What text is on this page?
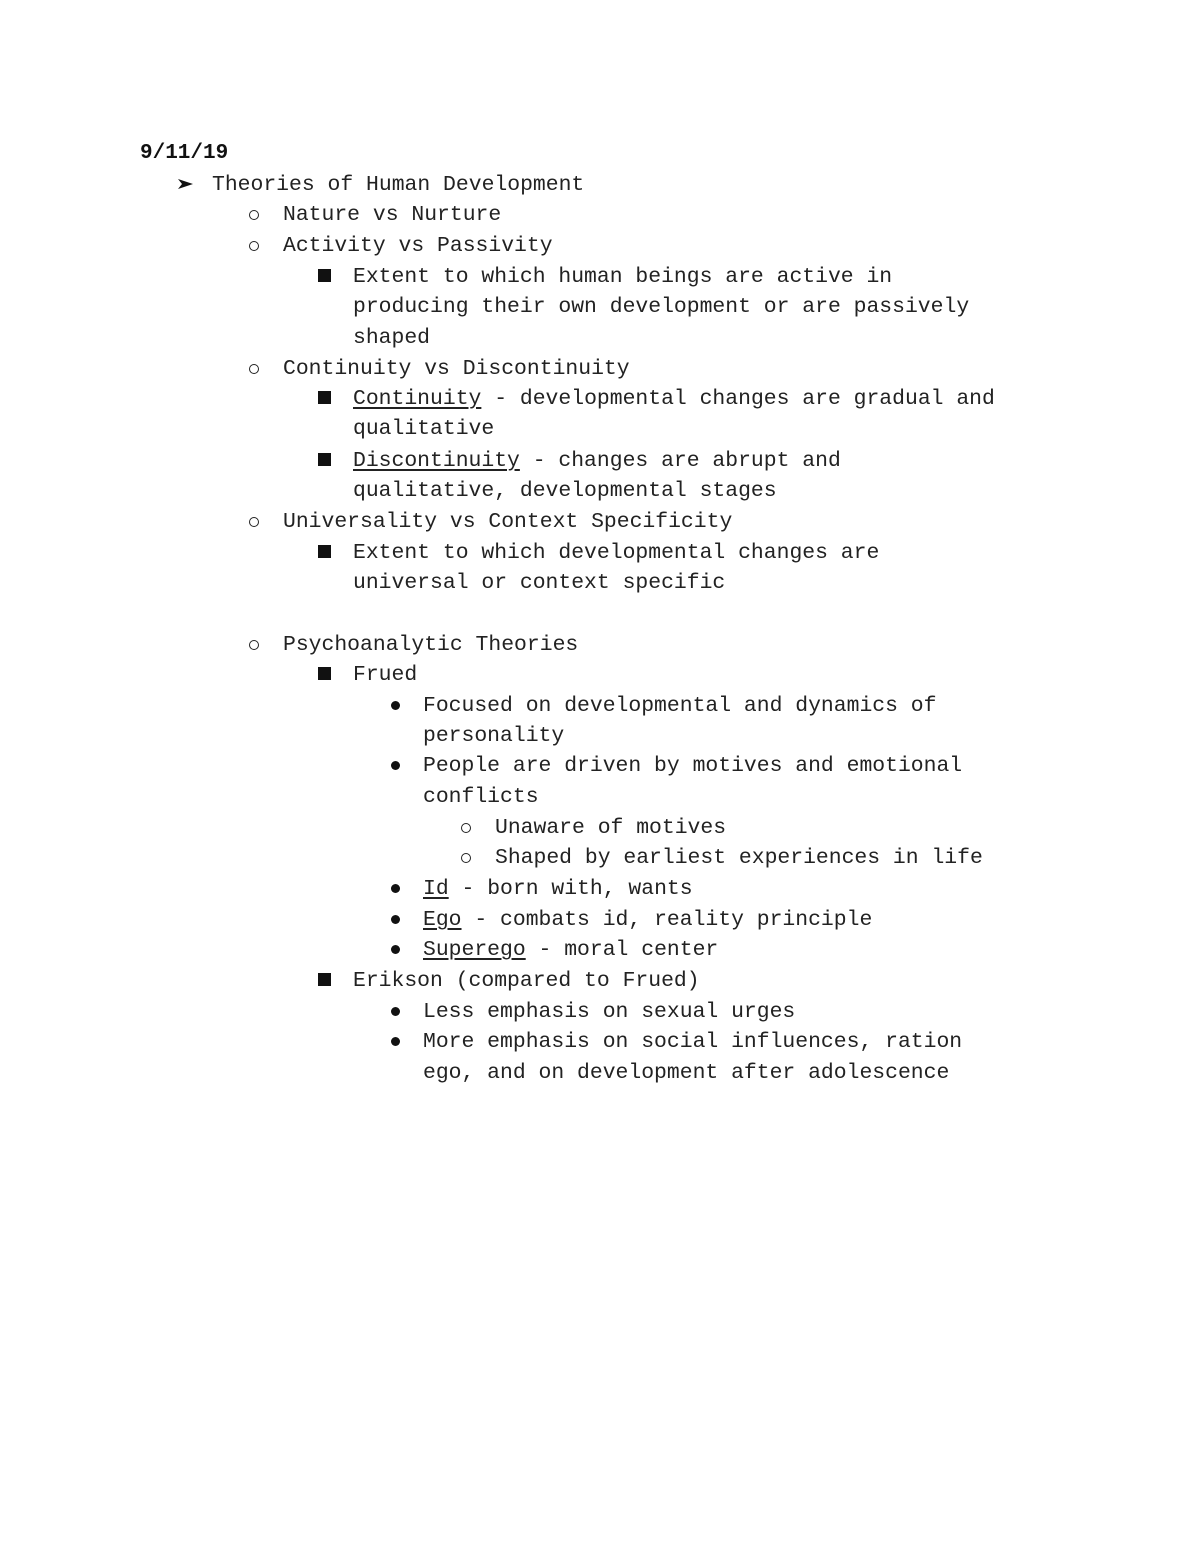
9/11/19
Theories of Human Development
Nature vs Nurture
Activity vs Passivity
Extent to which human beings are active in
producing their own development or are passively
shaped
Continuity vs Discontinuity
Continuity - developmental changes are gradual and
qualitative
Discontinuity - changes are abrupt and
qualitative, developmental stages
Universality vs Context Specificity
Extent to which developmental changes are
universal or context specific
Psychoanalytic Theories
Frued
Focused on developmental and dynamics of
personality
People are driven by motives and emotional
conflicts
Unaware of motives
Shaped by earliest experiences in life
Id - born with, wants
Ego - combats id, reality principle
Superego - moral center
Erikson (compared to Frued)
Less emphasis on sexual urges
More emphasis on social influences, ration
ego, and on development after adolescence
